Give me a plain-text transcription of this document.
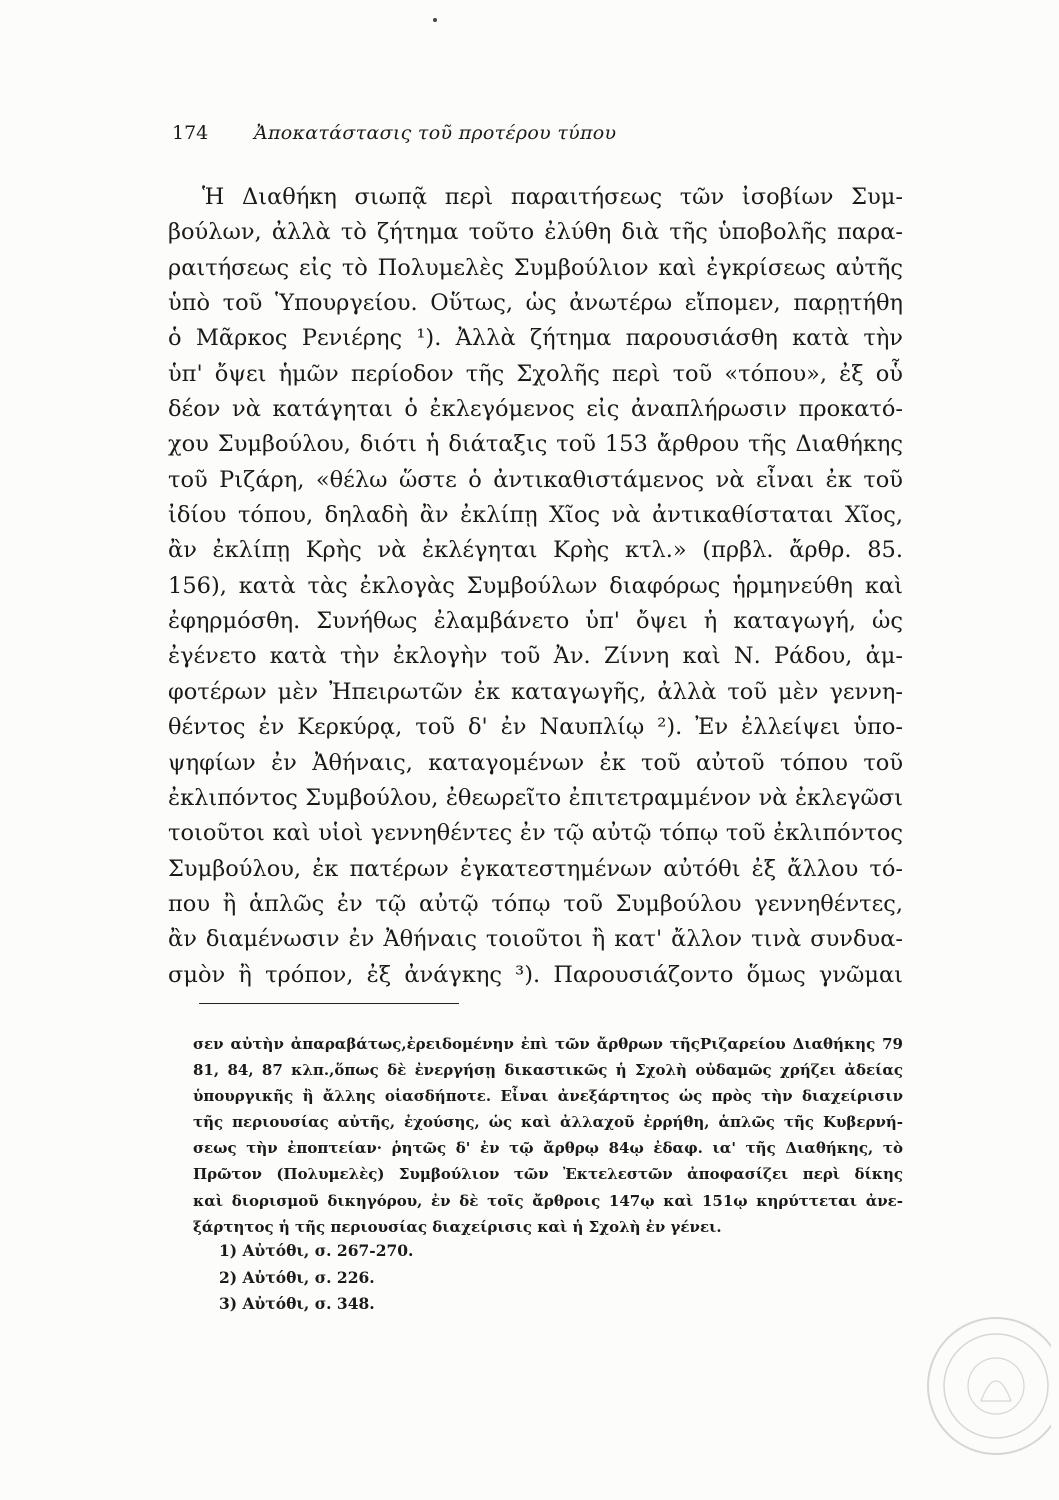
174 Ἀποκατάστασις τοῦ προτέρου τύπου
Ἡ Διαθήκη σιωπᾷ περὶ παραιτήσεως τῶν ἰσοβίων Συμ-
βούλων, ἀλλὰ τὸ ζήτημα τοῦτο ἐλύθη διὰ τῆς ὑποβολῆς παρα-
ραιτήσεως εἰς τὸ Πολυμελὲς Συμβούλιον καὶ ἐγκρίσεως αὐτῆς
ὑπὸ τοῦ Ὑπουργείου. Οὕτως, ὡς ἀνωτέρω εἴπομεν, παρῃτήθη
ὁ Μᾶρκος Ρενιέρης ¹). Ἀλλὰ ζήτημα παρουσιάσθη κατὰ τὴν
ὑπ' ὄψει ἡμῶν περίοδον τῆς Σχολῆς περὶ τοῦ «τόπου», ἐξ οὗ
δέον νὰ κατάγηται ὁ ἐκλεγόμενος εἰς ἀναπλήρωσιν προκατό-
χου Συμβούλου, διότι ἡ διάταξις τοῦ 153 ἄρθρου τῆς Διαθήκης
τοῦ Ριζάρη, «θέλω ὥστε ὁ ἀντικαθιστάμενος νὰ εἶναι ἐκ τοῦ
ἰδίου τόπου, δηλαδὴ ἂν ἐκλίπῃ Χῖος νὰ ἀντικαθίσταται Χῖος,
ἂν ἐκλίπῃ Κρὴς νὰ ἐκλέγηται Κρὴς κτλ.» (πρβλ. ἄρθρ. 85.
156), κατὰ τὰς ἐκλογὰς Συμβούλων διαφόρως ἡρμηνεύθη καὶ
ἐφηρμόσθη. Συνήθως ἐλαμβάνετο ὑπ' ὄψει ἡ καταγωγή, ὡς
ἐγένετο κατὰ τὴν ἐκλογὴν τοῦ Ἀν. Ζίννη καὶ Ν. Ράδου, ἀμ-
φοτέρων μὲν Ἠπειρωτῶν ἐκ καταγωγῆς, ἀλλὰ τοῦ μὲν γεννη-
θέντος ἐν Κερκύρᾳ, τοῦ δ' ἐν Ναυπλίῳ ²). Ἐν ἐλλείψει ὑπο-
ψηφίων ἐν Ἀθήναις, καταγομένων ἐκ τοῦ αὐτοῦ τόπου τοῦ
ἐκλιπόντος Συμβούλου, ἐθεωρεῖτο ἐπιτετραμμένον νὰ ἐκλεγῶσι
τοιοῦτοι καὶ υἱοὶ γεννηθέντες ἐν τῷ αὐτῷ τόπῳ τοῦ ἐκλιπόντος
Συμβούλου, ἐκ πατέρων ἐγκατεστημένων αὐτόθι ἐξ ἄλλου τό-
που ἢ ἁπλῶς ἐν τῷ αὐτῷ τόπῳ τοῦ Συμβούλου γεννηθέντες,
ἂν διαμένωσιν ἐν Ἀθήναις τοιοῦτοι ἢ κατ' ἄλλον τινὰ συνδυα-
σμὸν ἢ τρόπον, ἐξ ἀνάγκης ³). Παρουσιάζοντο ὅμως γνῶμαι
σεν αὐτὴν ἀπαραβάτως,ἐρειδομένην ἐπὶ τῶν ἄρθρων τῆςΡιζαρείου Διαθήκης 79
81, 84, 87 κλπ.,ὅπως δὲ ἐνεργήσῃ δικαστικῶς ἡ Σχολὴ οὐδαμῶς χρήζει ἀδείας
ὑπουργικῆς ἢ ἄλλης οἱασδήποτε. Εἶναι ἀνεξάρτητος ὡς πρὸς τὴν διαχείρισιν
τῆς περιουσίας αὐτῆς, ἐχούσης, ὡς καὶ ἀλλαχοῦ ἐρρήθη, ἁπλῶς τῆς Κυβερνή-
σεως τὴν ἐποπτείαν· ῥητῶς δ' ἐν τῷ ἄρθρῳ 84ῳ ἐδαφ. ια' τῆς Διαθήκης, τὸ
Πρῶτον (Πολυμελὲς) Συμβούλιον τῶν Ἐκτελεστῶν ἀποφασίζει περὶ δίκης
καὶ διορισμοῦ δικηγόρου, ἐν δὲ τοῖς ἄρθροις 147ῳ καὶ 151ῳ κηρύττεται ἀνε-
ξάρτητος ἡ τῆς περιουσίας διαχείρισις καὶ ἡ Σχολὴ ἐν γένει.
1) Αὐτόθι, σ. 267-270.
2) Αὐτόθι, σ. 226.
3) Αὐτόθι, σ. 348.
